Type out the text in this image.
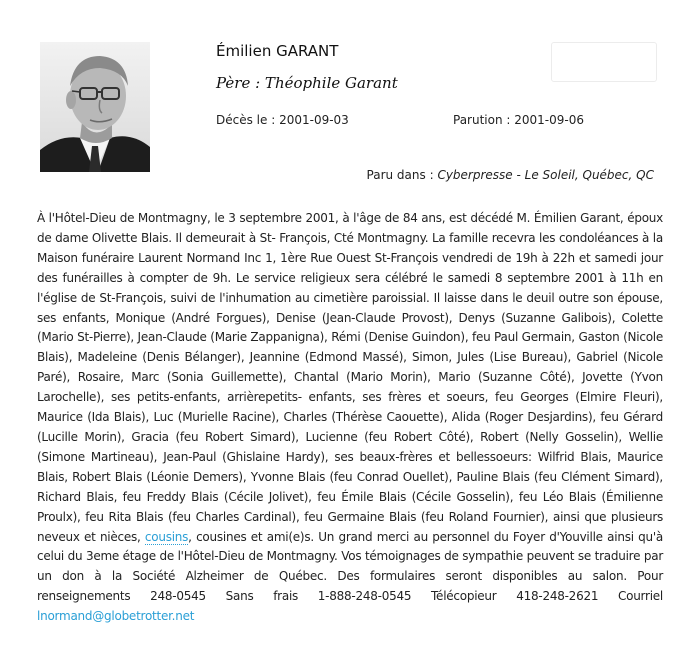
Émilien GARANT
Père : Théophile Garant
Décès le : 2001-09-03	Parution : 2001-09-06
Paru dans : Cyberpresse - Le Soleil, Québec, QC

À l'Hôtel-Dieu de Montmagny, le 3 septembre 2001, à l'âge de 84 ans, est décédé M. Émilien Garant, époux de dame Olivette Blais. Il demeurait à St- François, Cté Montmagny. La famille recevra les condoléances à la Maison funéraire Laurent Normand Inc 1, 1ère Rue Ouest St-François vendredi de 19h à 22h et samedi jour des funérailles à compter de 9h. Le service religieux sera célébré le samedi 8 septembre 2001 à 11h en l'église de St-François, suivi de l'inhumation au cimetière paroissial. Il laisse dans le deuil outre son épouse, ses enfants, Monique (André Forgues), Denise (Jean-Claude Provost), Denys (Suzanne Galibois), Colette (Mario St-Pierre), Jean-Claude (Marie Zappanigna), Rémi (Denise Guindon), feu Paul Germain, Gaston (Nicole Blais), Madeleine (Denis Bélanger), Jeannine (Edmond Massé), Simon, Jules (Lise Bureau), Gabriel (Nicole Paré), Rosaire, Marc (Sonia Guillemette), Chantal (Mario Morin), Mario (Suzanne Côté), Jovette (Yvon Larochelle), ses petits-enfants, arrièrepetits- enfants, ses frères et soeurs, feu Georges (Elmire Fleuri), Maurice (Ida Blais), Luc (Murielle Racine), Charles (Thérèse Caouette), Alida (Roger Desjardins), feu Gérard (Lucille Morin), Gracia (feu Robert Simard), Lucienne (feu Robert Côté), Robert (Nelly Gosselin), Wellie (Simone Martineau), Jean-Paul (Ghislaine Hardy), ses beaux-frères et bellessoeurs: Wilfrid Blais, Maurice Blais, Robert Blais (Léonie Demers), Yvonne Blais (feu Conrad Ouellet), Pauline Blais (feu Clément Simard), Richard Blais, feu Freddy Blais (Cécile Jolivet), feu Émile Blais (Cécile Gosselin), feu Léo Blais (Émilienne Proulx), feu Rita Blais (feu Charles Cardinal), feu Germaine Blais (feu Roland Fournier), ainsi que plusieurs neveux et nièces, cousins, cousines et ami(e)s. Un grand merci au personnel du Foyer d'Youville ainsi qu'à celui du 3eme étage de l'Hôtel-Dieu de Montmagny. Vos témoignages de sympathie peuvent se traduire par un don à la Société Alzheimer de Québec. Des formulaires seront disponibles au salon. Pour renseignements 248-0545 Sans frais 1-888-248-0545 Télécopieur 418-248-2621 Courriel lnormand@globetrotter.net
